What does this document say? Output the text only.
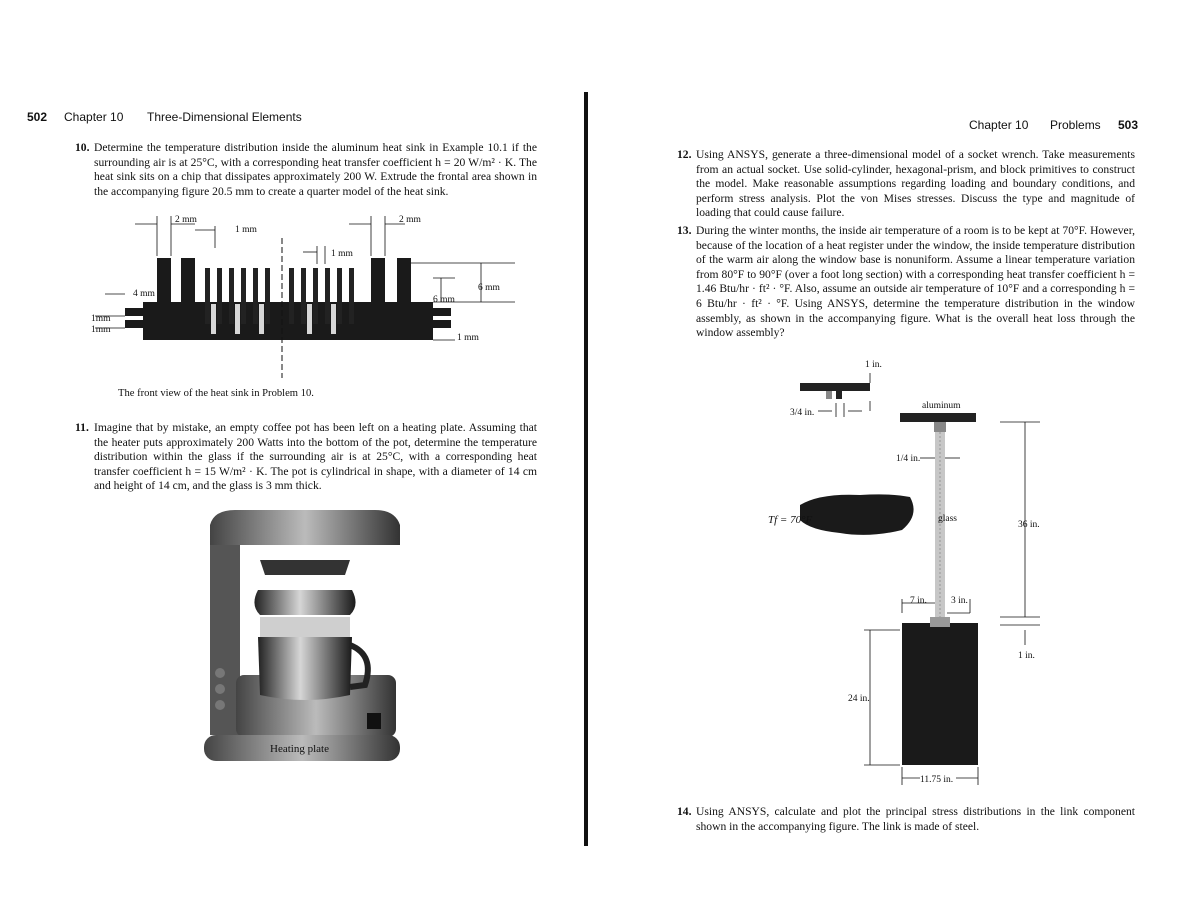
502 Chapter 10 Three-Dimensional Elements
10. Determine the temperature distribution inside the aluminum heat sink in Example 10.1 if the surrounding air is at 25°C, with a corresponding heat transfer coefficient h = 20 W/m² · K. The heat sink sits on a chip that dissipates approximately 200 W. Extrude the frontal area shown in the accompanying figure 20.5 mm to create a quarter model of the heat sink.
2 mm
1 mm
2 mm
1 mm
4 mm
6 mm
6 mm
1mm
1mm
1 mm
The front view of the heat sink in Problem 10.
11. Imagine that by mistake, an empty coffee pot has been left on a heating plate. Assuming that the heater puts approximately 200 Watts into the bottom of the pot, determine the temperature distribution within the glass if the surrounding air is at 25°C, with a corresponding heat transfer coefficient h = 15 W/m² · K. The pot is cylindrical in shape, with a diameter of 14 cm and height of 14 cm, and the glass is 3 mm thick.
Heating plate
Chapter 10 Problems 503
12. Using ANSYS, generate a three-dimensional model of a socket wrench. Take measurements from an actual socket. Use solid-cylinder, hexagonal-prism, and block primitives to construct the model. Make reasonable assumptions regarding loading and boundary conditions, and perform stress analysis. Plot the von Mises stresses. Discuss the type and magnitude of loading that could cause failure.
13. During the winter months, the inside air temperature of a room is to be kept at 70°F. However, because of the location of a heat register under the window, the inside temperature distribution of the warm air along the window base is nonuniform. Assume a linear temperature variation from 80°F to 90°F (over a foot long section) with a corresponding heat transfer coefficient h = 1.46 Btu/hr · ft² · °F. Also, assume an outside air temperature of 10°F and a corresponding h = 6 Btu/hr · ft² · °F. Using ANSYS, determine the temperature distribution in the window assembly, as shown in the accompanying figure. What is the overall heat loss through the window assembly?
1 in.
3/4 in.
aluminum
1/4 in.
Tf = 70°F	glass
36 in.
1 in.
7 in.	3 in.
24 in.
11.75 in.
14. Using ANSYS, calculate and plot the principal stress distributions in the link component shown in the accompanying figure. The link is made of steel.
